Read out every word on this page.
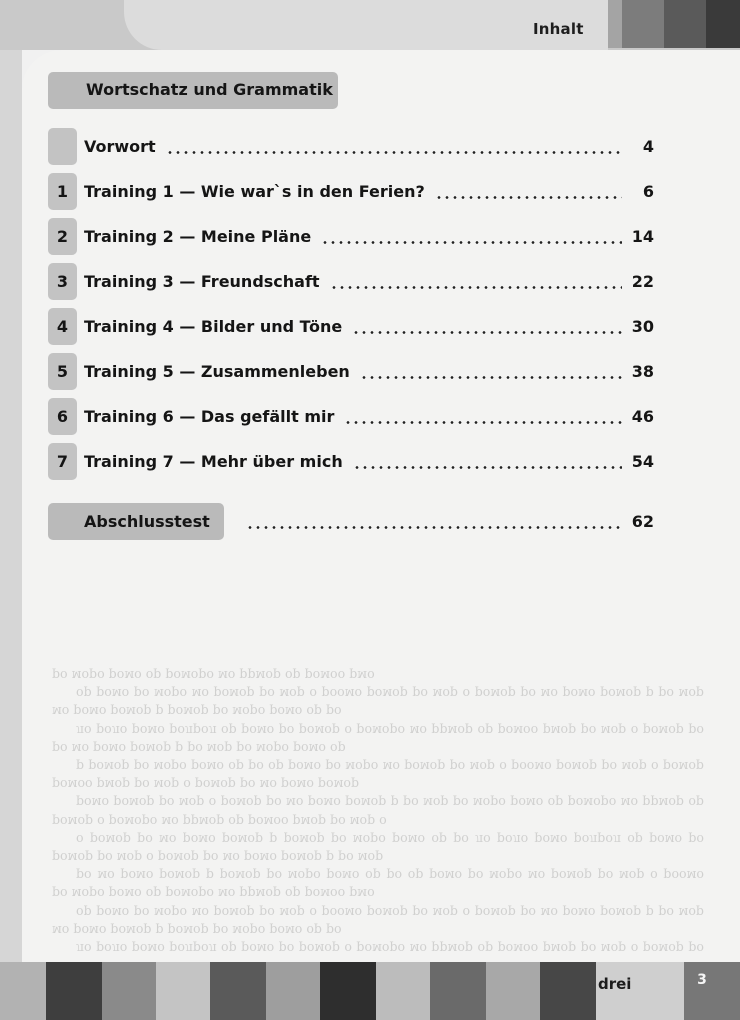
Inhalt

ло роло ромо ролрол ор ромо ро ромор о роморо мо ррмор ор ромоо рмор ро мор о ромор ро мо ромо ромор р ромор ро моро ромо ор ро

ор ромо ро моро мо ромор ро мор о роомо ромор ро мор о ромор ро мо ромо ромор р ро мор ро моро ромо ор роморо мо ррмор ор ромоо рмо

ро мо ромо ромор р ромор ро моро ромо ор ро ор ромо ро моро мо ромор ро мор о роомо ромор ро мор о ромор ро мо ромо ромор р ро мор

о ромор ро мо ромо ромор р ромор ро моро ромо ор ро ло роло ромо ролрол ор ромо ро ромор о роморо мо ррмор ор ромоо рмор ро мор о

ромо ромор ро мор о ромор ро мо ромо ромор р ро мор ро моро ромо ор роморо мо ррмор ор ромоо рмор ро мор о ромор ро мо ромо ромор

р ромор ро моро ромо ор ро ор ромо ро моро мо ромор ро мор о роомо ромор ро мор о ромор ро мо ромо ромор р ро мор ро моро ромо ор

ло роло ромо ролрол ор ромо ро ромор о роморо мо ррмор ор ромоо рмор ро мор о ромор ро мо ромо ромор р ромор ро моро ромо ор ро

ор ромо ро моро мо ромор ро мор о роомо ромор ро мор о ромор ро мо ромо ромор р ро мор ро моро ромо ор роморо мо ррмор ор ромоо рмо

Wortschatz und Grammatik
Vorwort	4
1 Training 1 — Wie war`s in den Ferien?	6
2 Training 2 — Meine Pläne	14
3 Training 3 — Freundschaft	22
4 Training 4 — Bilder und Töne	30
5 Training 5 — Zusammenleben	38
6 Training 6 — Das gefällt mir	46
7 Training 7 — Mehr über mich	54
Abschlusstest	62
drei	3
